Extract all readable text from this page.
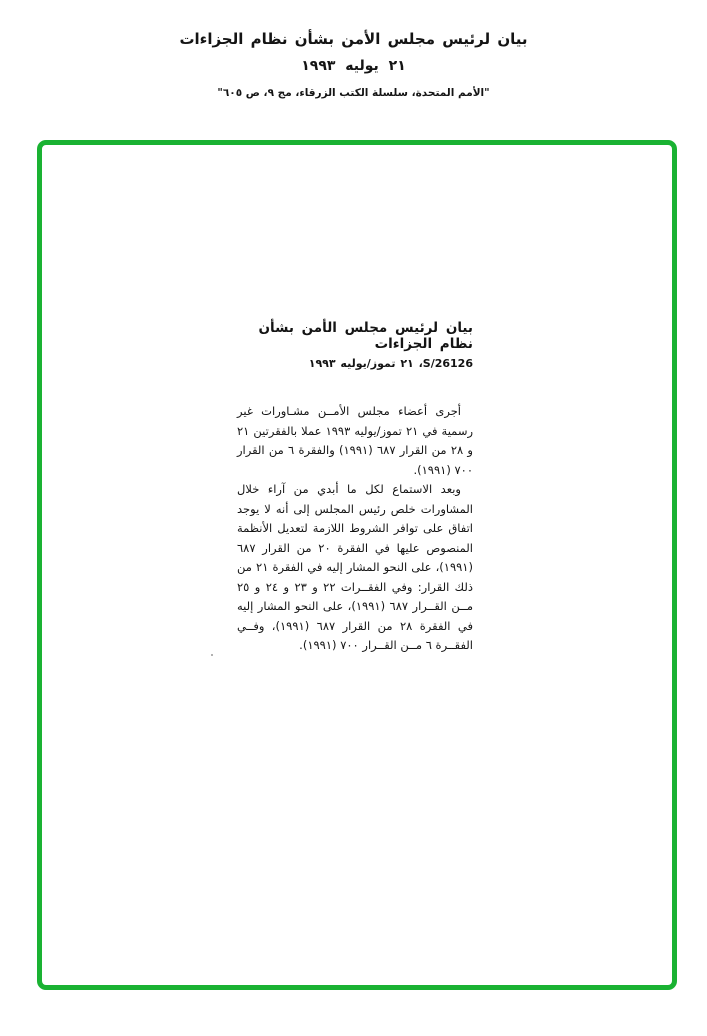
بيان لرئيس مجلس الأمن بشأن نظام الجزاءات
٢١ يوليه ١٩٩٣
"الأمم المتحدة، سلسلة الكتب الزرقاء، مج ٩، ص ٦٠٥"
بيان لرئيس مجلس الأمن بشأن نظام الجزاءات
S/26126، ٢١ تموز/يوليه ١٩٩٣

أجرى أعضاء مجلس الأمــن مشـاورات غير رسمية في ٢١ تموز/يوليه ١٩٩٣ عملا بالفقرتين ٢١ و ٢٨ من القرار ٦٨٧ (١٩٩١) والفقرة ٦ من القرار ٧٠٠ (١٩٩١).

وبعد الاستماع لكل ما أبدي من آراء خلال المشاورات خلص رئيس المجلس إلى أنه لا يوجد اتفاق على توافر الشروط اللازمة لتعديل الأنظمة المنصوص عليها في الفقرة ٢٠ من القرار ٦٨٧ (١٩٩١)، على النحو المشار إليه في الفقرة ٢١ من ذلك القرار: وفي الفقــرات ٢٢ و ٢٣ و ٢٤ و ٢٥ مــن القــرار ٦٨٧ (١٩٩١)، على النحو المشار إليه في الفقرة ٢٨ من القرار ٦٨٧ (١٩٩١)، وفــي الفقــرة ٦ مــن القــرار ٧٠٠ (١٩٩١).
